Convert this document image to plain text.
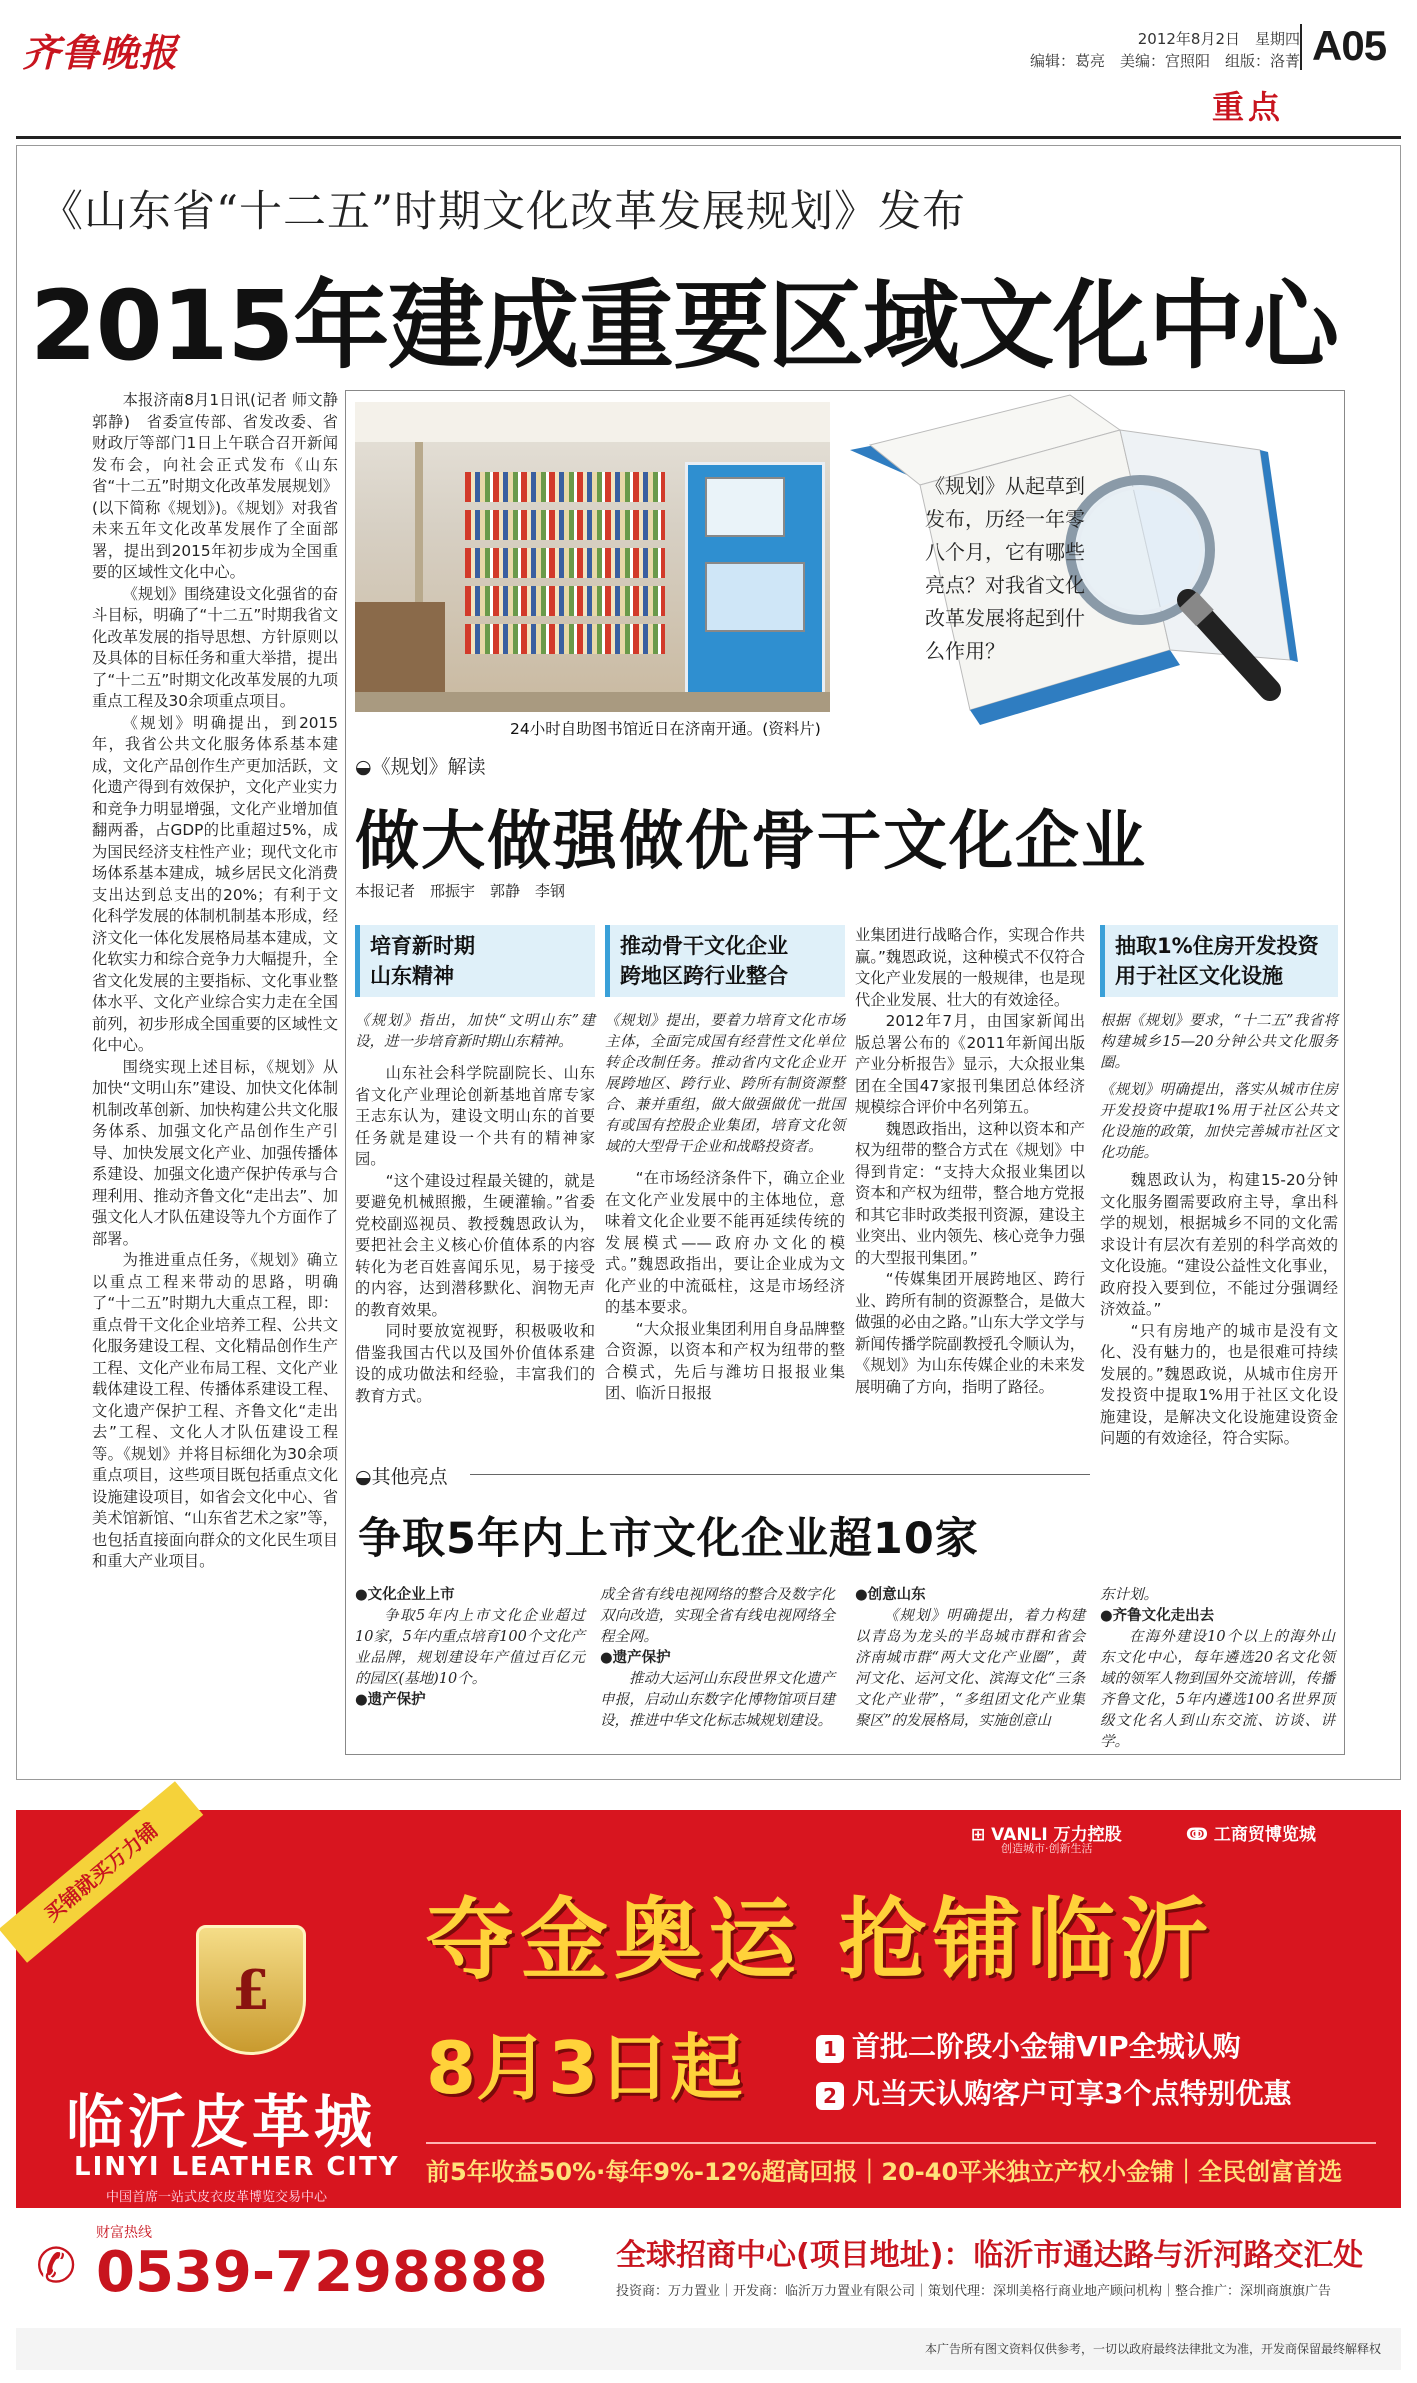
齐鲁晚报	2012年8月2日　星期四
编辑：葛亮　美编：宫照阳　组版：洛菁 A05
重点
《山东省“十二五”时期文化改革发展规划》发布
2015年建成重要区域文化中心

本报济南8月1日讯(记者 师文静　郭静)　省委宣传部、省发改委、省财政厅等部门1日上午联合召开新闻发布会，向社会正式发布《山东省“十二五”时期文化改革发展规划》(以下简称《规划》)。《规划》对我省未来五年文化改革发展作了全面部署，提出到2015年初步成为全国重要的区域性文化中心。

《规划》围绕建设文化强省的奋斗目标，明确了“十二五”时期我省文化改革发展的指导思想、方针原则以及具体的目标任务和重大举措，提出了“十二五”时期文化改革发展的九项重点工程及30余项重点项目。

《规划》明确提出，到2015年，我省公共文化服务体系基本建成，文化产品创作生产更加活跃，文化遗产得到有效保护，文化产业实力和竞争力明显增强，文化产业增加值翻两番，占GDP的比重超过5%，成为国民经济支柱性产业；现代文化市场体系基本建成，城乡居民文化消费支出达到总支出的20%；有利于文化科学发展的体制机制基本形成，经济文化一体化发展格局基本建成，文化软实力和综合竞争力大幅提升，全省文化发展的主要指标、文化事业整体水平、文化产业综合实力走在全国前列，初步形成全国重要的区域性文化中心。

围绕实现上述目标，《规划》从加快“文明山东”建设、加快文化体制机制改革创新、加快构建公共文化服务体系、加强文化产品创作生产引导、加快发展文化产业、加强传播体系建设、加强文化遗产保护传承与合理利用、推动齐鲁文化“走出去”、加强文化人才队伍建设等九个方面作了部署。

为推进重点任务，《规划》确立以重点工程来带动的思路，明确了“十二五”时期九大重点工程，即：重点骨干文化企业培养工程、公共文化服务建设工程、文化精品创作生产工程、文化产业布局工程、文化产业载体建设工程、传播体系建设工程、文化遗产保护工程、齐鲁文化“走出去”工程、文化人才队伍建设工程等。《规划》并将目标细化为30余项重点项目，这些项目既包括重点文化设施建设项目，如省会文化中心、省美术馆新馆、“山东省艺术之家”等，也包括直接面向群众的文化民生项目和重大产业项目。

24小时自助图书馆近日在济南开通。(资料片)
《规划》从起草到发布，历经一年零八个月，它有哪些亮点？对我省文化改革发展将起到什么作用？
◒《规划》解读
做大做强做优骨干文化企业
本报记者　邢振宇　郭静　李钢
培育新时期
山东精神

《规划》指出，加快“文明山东”建设，进一步培育新时期山东精神。

山东社会科学院副院长、山东省文化产业理论创新基地首席专家王志东认为，建设文明山东的首要任务就是建设一个共有的精神家园。

“这个建设过程最关键的，就是要避免机械照搬，生硬灌输。”省委党校副巡视员、教授魏恩政认为，要把社会主义核心价值体系的内容转化为老百姓喜闻乐见，易于接受的内容，达到潜移默化、润物无声的教育效果。

同时要放宽视野，积极吸收和借鉴我国古代以及国外价值体系建设的成功做法和经验，丰富我们的教育方式。

推动骨干文化企业
跨地区跨行业整合

《规划》提出，要着力培育文化市场主体，全面完成国有经营性文化单位转企改制任务。推动省内文化企业开展跨地区、跨行业、跨所有制资源整合、兼并重组，做大做强做优一批国有或国有控股企业集团，培育文化领域的大型骨干企业和战略投资者。

“在市场经济条件下，确立企业在文化产业发展中的主体地位，意味着文化企业要不能再延续传统的发展模式——政府办文化的模式。”魏恩政指出，要让企业成为文化产业的中流砥柱，这是市场经济的基本要求。

“大众报业集团利用自身品牌整合资源，以资本和产权为纽带的整合模式，先后与潍坊日报报业集团、临沂日报报

业集团进行战略合作，实现合作共赢。”魏恩政说，这种模式不仅符合文化产业发展的一般规律，也是现代企业发展、壮大的有效途径。

2012年7月，由国家新闻出版总署公布的《2011年新闻出版产业分析报告》显示，大众报业集团在全国47家报刊集团总体经济规模综合评价中名列第五。

魏恩政指出，这种以资本和产权为纽带的整合方式在《规划》中得到肯定：“支持大众报业集团以资本和产权为纽带，整合地方党报和其它非时政类报刊资源，建设主业突出、业内领先、核心竞争力强的大型报刊集团。”

“传媒集团开展跨地区、跨行业、跨所有制的资源整合，是做大做强的必由之路。”山东大学文学与新闻传播学院副教授孔令顺认为，《规划》为山东传媒企业的未来发展明确了方向，指明了路径。

抽取1%住房开发投资
用于社区文化设施

根据《规划》要求，“十二五”我省将构建城乡15—20分钟公共文化服务圈。

《规划》明确提出，落实从城市住房开发投资中提取1%用于社区公共文化设施的政策，加快完善城市社区文化功能。

魏恩政认为，构建15-20分钟文化服务圈需要政府主导，拿出科学的规划，根据城乡不同的文化需求设计有层次有差别的科学高效的文化设施。“建设公益性文化事业，政府投入要到位，不能过分强调经济效益。”

“只有房地产的城市是没有文化、没有魅力的，也是很难可持续发展的。”魏恩政说，从城市住房开发投资中提取1%用于社区文化设施建设，是解决文化设施建设资金问题的有效途径，符合实际。

◒其他亮点
争取5年内上市文化企业超10家
●文化企业上市

争取5年内上市文化企业超过10家，5年内重点培育100个文化产业品牌，规划建设年产值过百亿元的园区(基地)10个。

●遗产保护

成全省有线电视网络的整合及数字化双向改造，实现全省有线电视网络全程全网。

●遗产保护

推动大运河山东段世界文化遗产申报，启动山东数字化博物馆项目建设，推进中华文化标志城规划建设。

●创意山东

《规划》明确提出，着力构建以青岛为龙头的半岛城市群和省会济南城市群“两大文化产业圈”，黄河文化、运河文化、滨海文化“三条文化产业带”，“多组团文化产业集聚区”的发展格局，实施创意山

东计划。

●齐鲁文化走出去

在海外建设10个以上的海外山东文化中心，每年遴选20名文化领域的领军人物到国外交流培训，传播齐鲁文化，5年内遴选100名世界顶级文化名人到山东交流、访谈、讲学。

买铺就买万力铺
£
临沂皮革城
LINYI LEATHER CITY
中国首席一站式皮衣皮革博览交易中心
⊞ VANLI 万力控股
创造城市·创新生活
ↂ 工商贸博览城
夺金奥运 抢铺临沂
8月3日起	1 首批二阶段小金铺VIP全城认购
2 凡当天认购客户可享3个点特别优惠
前5年收益50%·每年9%-12%超高回报｜20-40平米独立产权小金铺｜全民创富首选
✆
财富热线
0539-7298888 全球招商中心(项目地址)：临沂市通达路与沂河路交汇处
投资商：万力置业｜开发商：临沂万力置业有限公司｜策划代理：深圳美格行商业地产顾问机构｜整合推广：深圳商旗旗广告
本广告所有图文资料仅供参考，一切以政府最终法律批文为准，开发商保留最终解释权
